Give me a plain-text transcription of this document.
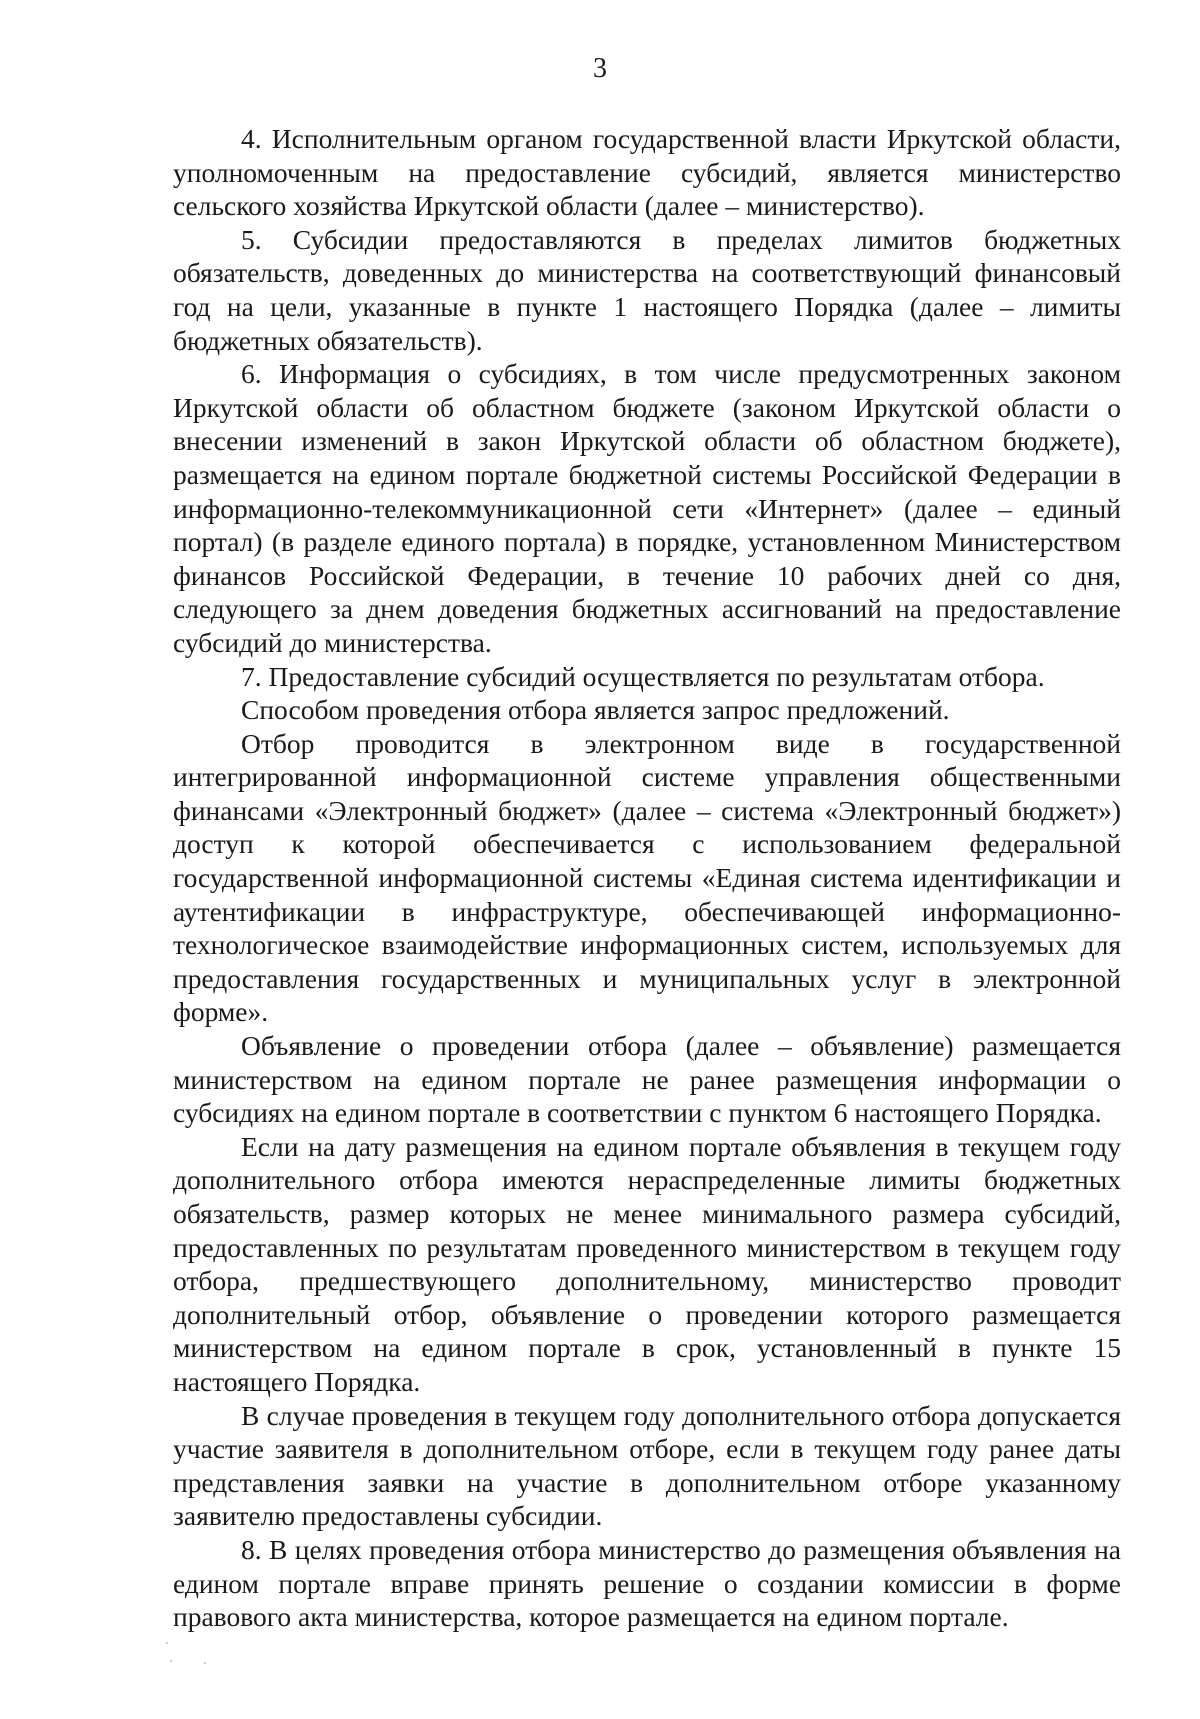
3

4. Исполнительным органом государственной власти Иркутской области, уполномоченным на предоставление субсидий, является министерство сельского хозяйства Иркутской области (далее – министерство).

5. Субсидии предоставляются в пределах лимитов бюджетных обязательств, доведенных до министерства на соответствующий финансовый год на цели, указанные в пункте 1 настоящего Порядка (далее – лимиты бюджетных обязательств).

6. Информация о субсидиях, в том числе предусмотренных законом Иркутской области об областном бюджете (законом Иркутской области о внесении изменений в закон Иркутской области об областном бюджете), размещается на едином портале бюджетной системы Российской Федерации в информационно-телекоммуникационной сети «Интернет» (далее – единый портал) (в разделе единого портала) в порядке, установленном Министерством финансов Российской Федерации, в течение 10 рабочих дней со дня, следующего за днем доведения бюджетных ассигнований на предоставление субсидий до министерства.

7. Предоставление субсидий осуществляется по результатам отбора.

Способом проведения отбора является запрос предложений.

Отбор проводится в электронном виде в государственной интегрированной информационной системе управления общественными финансами «Электронный бюджет» (далее – система «Электронный бюджет») доступ к которой обеспечивается с использованием федеральной государственной информационной системы «Единая система идентификации и аутентификации в инфраструктуре, обеспечивающей информационно-технологическое взаимодействие информационных систем, используемых для предоставления государственных и муниципальных услуг в электронной форме».

Объявление о проведении отбора (далее – объявление) размещается министерством на едином портале не ранее размещения информации о субсидиях на едином портале в соответствии с пунктом 6 настоящего Порядка.

Если на дату размещения на едином портале объявления в текущем году дополнительного отбора имеются нераспределенные лимиты бюджетных обязательств, размер которых не менее минимального размера субсидий, предоставленных по результатам проведенного министерством в текущем году отбора, предшествующего дополнительному, министерство проводит дополнительный отбор, объявление о проведении которого размещается министерством на едином портале в срок, установленный в пункте 15 настоящего Порядка.

В случае проведения в текущем году дополнительного отбора допускается участие заявителя в дополнительном отборе, если в текущем году ранее даты представления заявки на участие в дополнительном отборе указанному заявителю предоставлены субсидии.

8. В целях проведения отбора министерство до размещения объявления на едином портале вправе принять решение о создании комиссии в форме правового акта министерства, которое размещается на едином портале.
